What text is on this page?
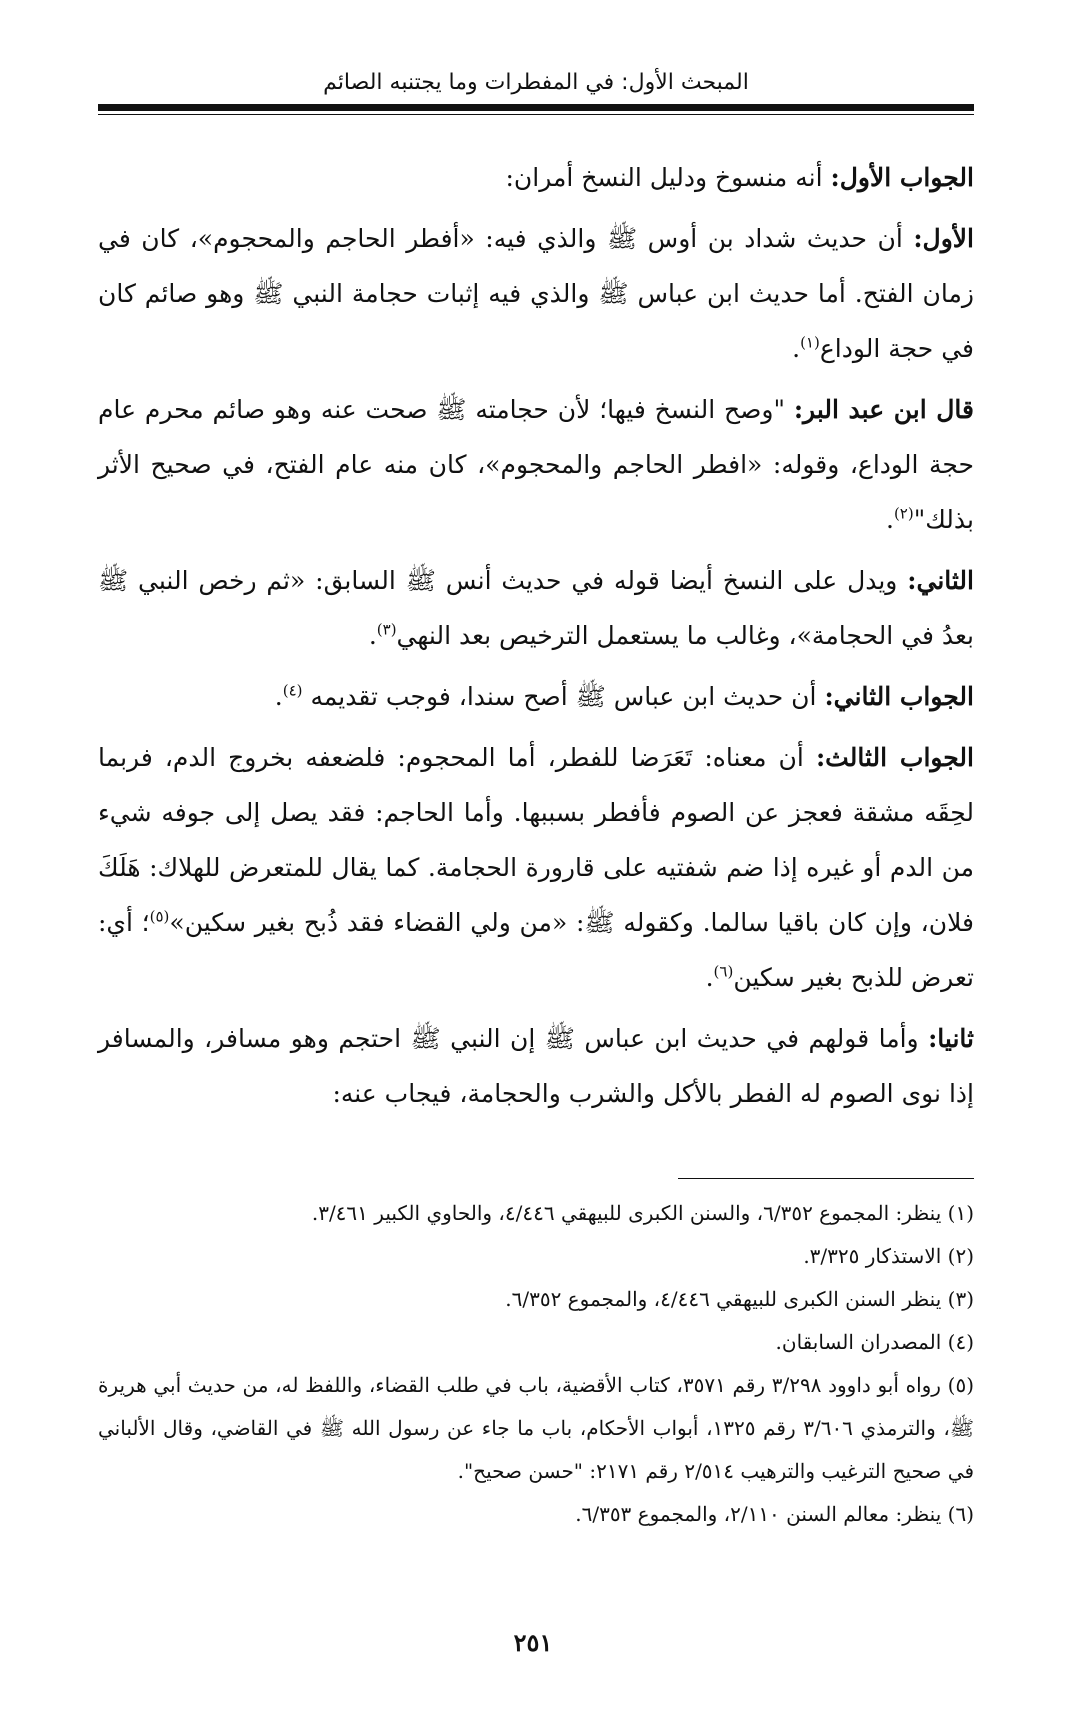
المبحث الأول: في المفطرات وما يجتنبه الصائم

الجواب الأول: أنه منسوخ ودليل النسخ أمران:

الأول: أن حديث شداد بن أوس ﷺ والذي فيه: «أفطر الحاجم والمحجوم»، كان في زمان الفتح. أما حديث ابن عباس ﷺ والذي فيه إثبات حجامة النبي ﷺ وهو صائم كان في حجة الوداع$^{(١)}$.

قال ابن عبد البر: "وصح النسخ فيها؛ لأن حجامته ﷺ صحت عنه وهو صائم محرم عام حجة الوداع، وقوله: «افطر الحاجم والمحجوم»، كان منه عام الفتح، في صحيح الأثر بذلك"$^{(٢)}$.

الثاني: ويدل على النسخ أيضا قوله في حديث أنس ﷺ السابق: «ثم رخص النبي ﷺ بعدُ في الحجامة»، وغالب ما يستعمل الترخيص بعد النهي$^{(٣)}$.

الجواب الثاني: أن حديث ابن عباس ﷺ أصح سندا، فوجب تقديمه $^{(٤)}$.

الجواب الثالث: أن معناه: تَعَرَضا للفطر، أما المحجوم: فلضعفه بخروج الدم، فربما لحِقَه مشقة فعجز عن الصوم فأفطر بسببها. وأما الحاجم: فقد يصل إلى جوفه شيء من الدم أو غيره إذا ضم شفتيه على قارورة الحجامة. كما يقال للمتعرض للهلاك: هَلَكَ فلان، وإن كان باقيا سالما. وكقوله ﷺ: «من ولي القضاء فقد ذُبح بغير سكين»$^{(٥)}$؛ أي: تعرض للذبح بغير سكين$^{(٦)}$.

ثانيا: وأما قولهم في حديث ابن عباس ﷺ إن النبي ﷺ احتجم وهو مسافر، والمسافر إذا نوى الصوم له الفطر بالأكل والشرب والحجامة، فيجاب عنه:

(١) ينظر: المجموع ٦/٣٥٢، والسنن الكبرى للبيهقي ٤/٤٤٦، والحاوي الكبير ٣/٤٦١.

(٢) الاستذكار ٣/٣٢٥.

(٣) ينظر السنن الكبرى للبيهقي ٤/٤٤٦، والمجموع ٦/٣٥٢.

(٤) المصدران السابقان.

(٥) رواه أبو داوود ٣/٢٩٨ رقم ٣٥٧١، كتاب الأقضية، باب في طلب القضاء، واللفظ له، من حديث أبي هريرة ﷺ، والترمذي ٣/٦٠٦ رقم ١٣٢٥، أبواب الأحكام، باب ما جاء عن رسول الله ﷺ في القاضي، وقال الألباني في صحيح الترغيب والترهيب ٢/٥١٤ رقم ٢١٧١: "حسن صحيح".

(٦) ينظر: معالم السنن ٢/١١٠، والمجموع ٦/٣٥٣.

٢٥١
